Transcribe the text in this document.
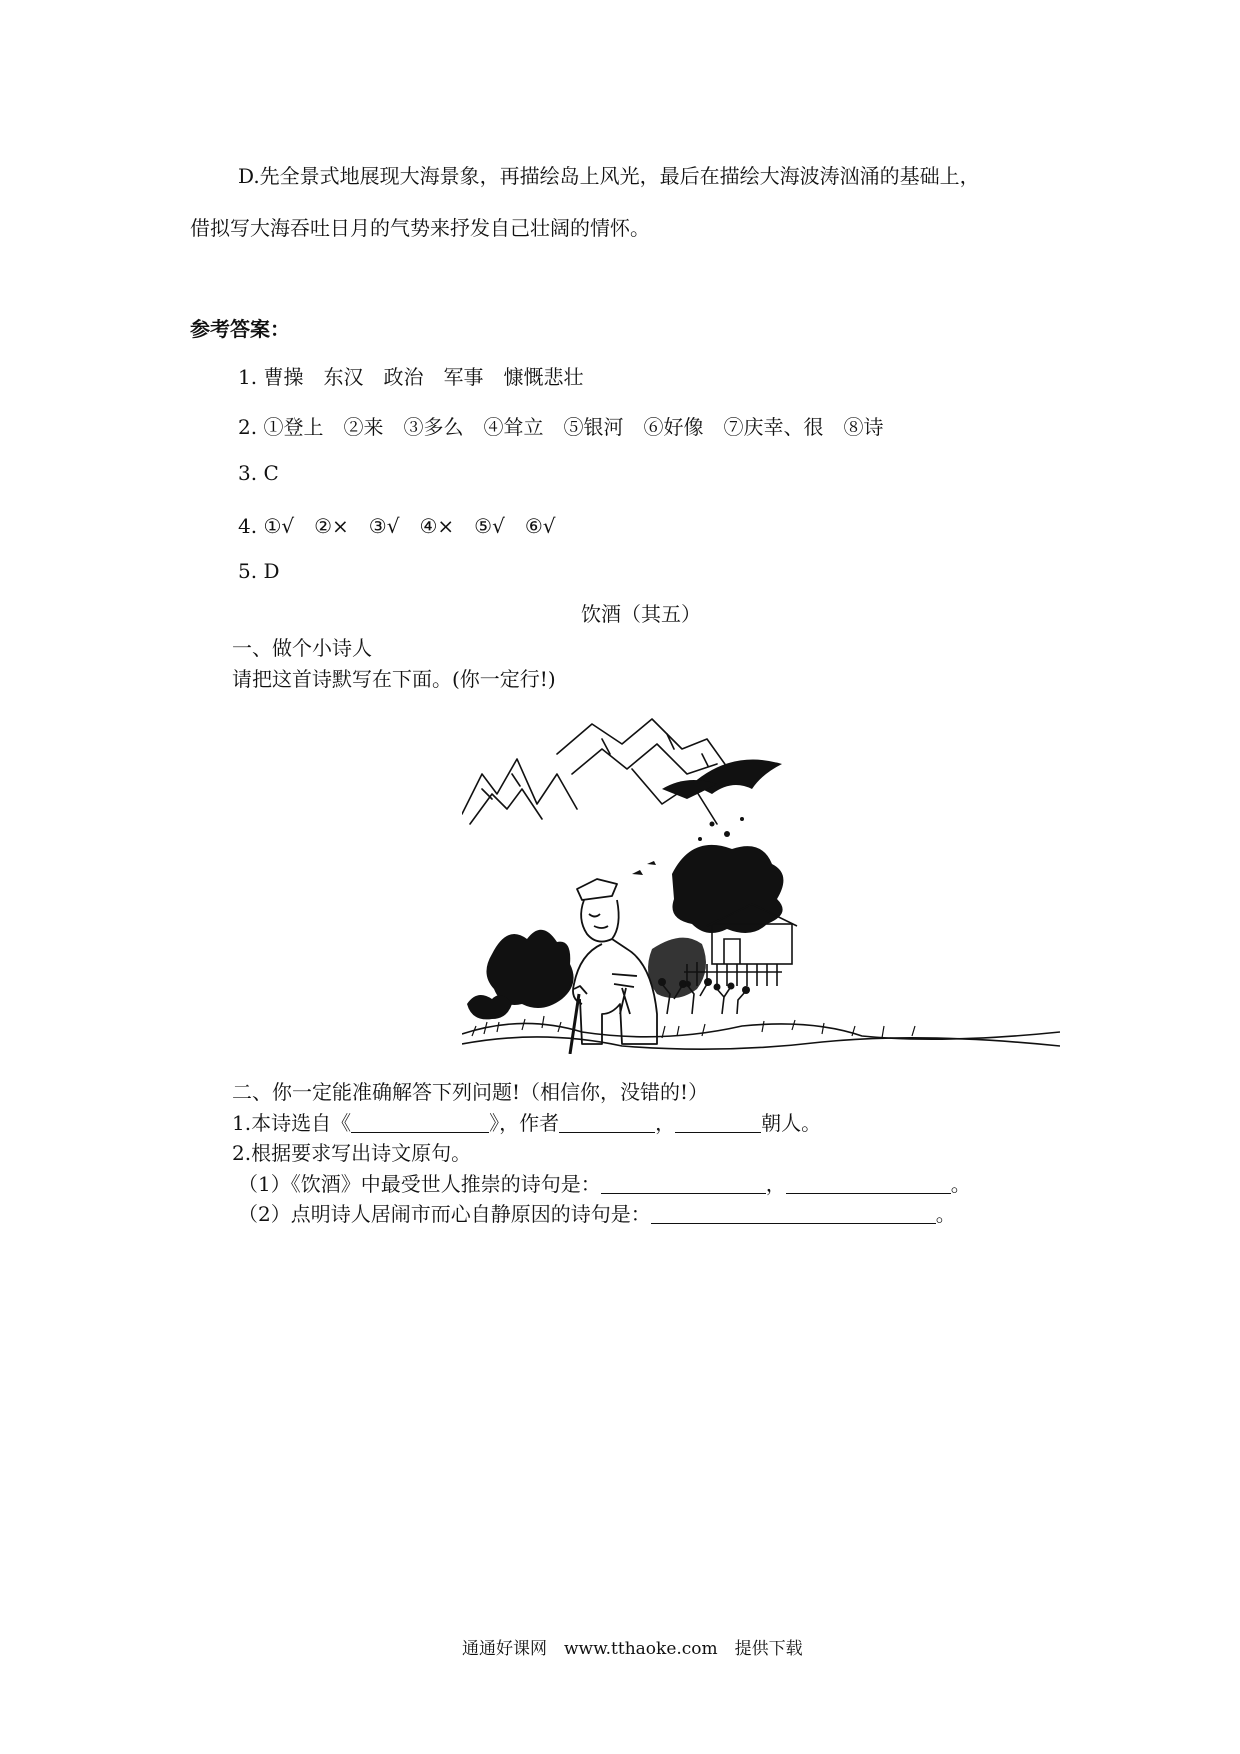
D.先全景式地展现大海景象，再描绘岛上风光，最后在描绘大海波涛汹涌的基础上，
借拟写大海吞吐日月的气势来抒发自己壮阔的情怀。
参考答案：
1. 曹操　东汉　政治　军事　慷慨悲壮
2. ①登上　②来　③多么　④耸立　⑤银河　⑥好像　⑦庆幸、很　⑧诗
3. C
4. ①√　②×　③√　④×　⑤√　⑥√
5. D
饮酒（其五）
一、做个小诗人
请把这首诗默写在下面。(你一定行!)
二、你一定能准确解答下列问题!（相信你，没错的!）
1.本诗选自《	》，作者	，	朝人。
2.根据要求写出诗文原句。
（1）《饮酒》中最受世人推崇的诗句是：	，	。
（2）点明诗人居闹市而心自静原因的诗句是：	。
通通好课网　www.tthaoke.com　提供下载
